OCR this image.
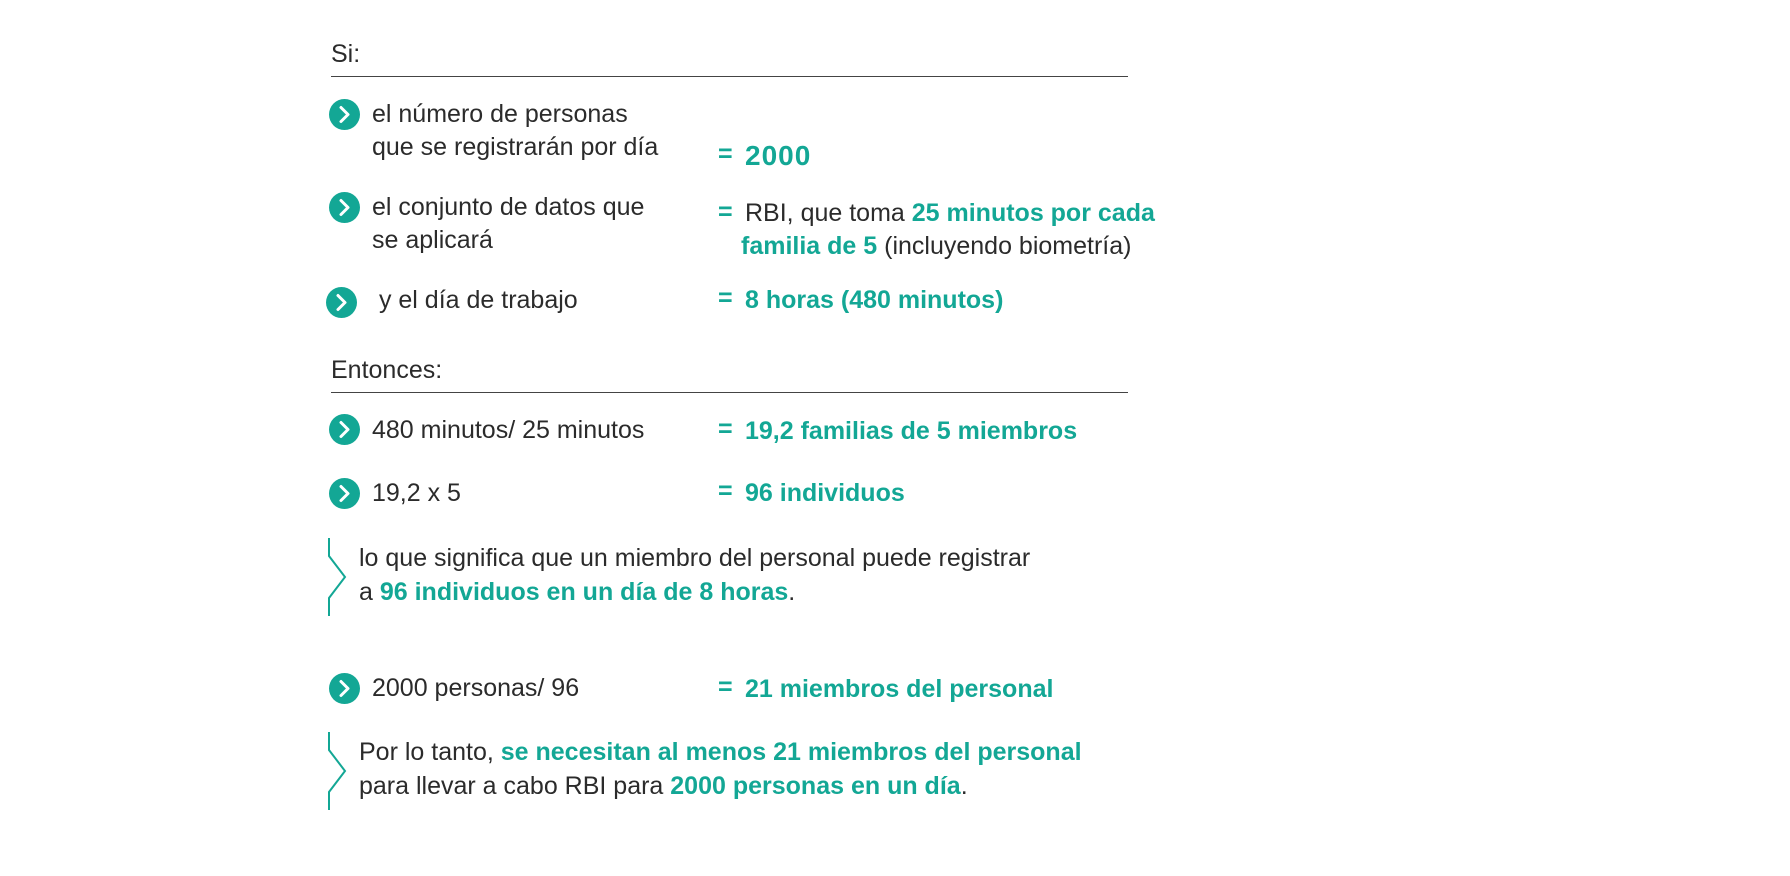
Si:
el número de personas
que se registrarán por día = 2000
el conjunto de datos que
se aplicará
= RBI, que toma 25 minutos por cada
familia de 5 (incluyendo biometría)
y el día de trabajo	= 8 horas (480 minutos)
Entonces:
480 minutos/ 25 minutos	= 19,2 familias de 5 miembros
19,2 x 5	= 96 individuos
lo que significa que un miembro del personal puede registrar
a 96 individuos en un día de 8 horas.
2000 personas/ 96	= 21 miembros del personal
Por lo tanto, se necesitan al menos 21 miembros del personal
para llevar a cabo RBI para 2000 personas en un día.
